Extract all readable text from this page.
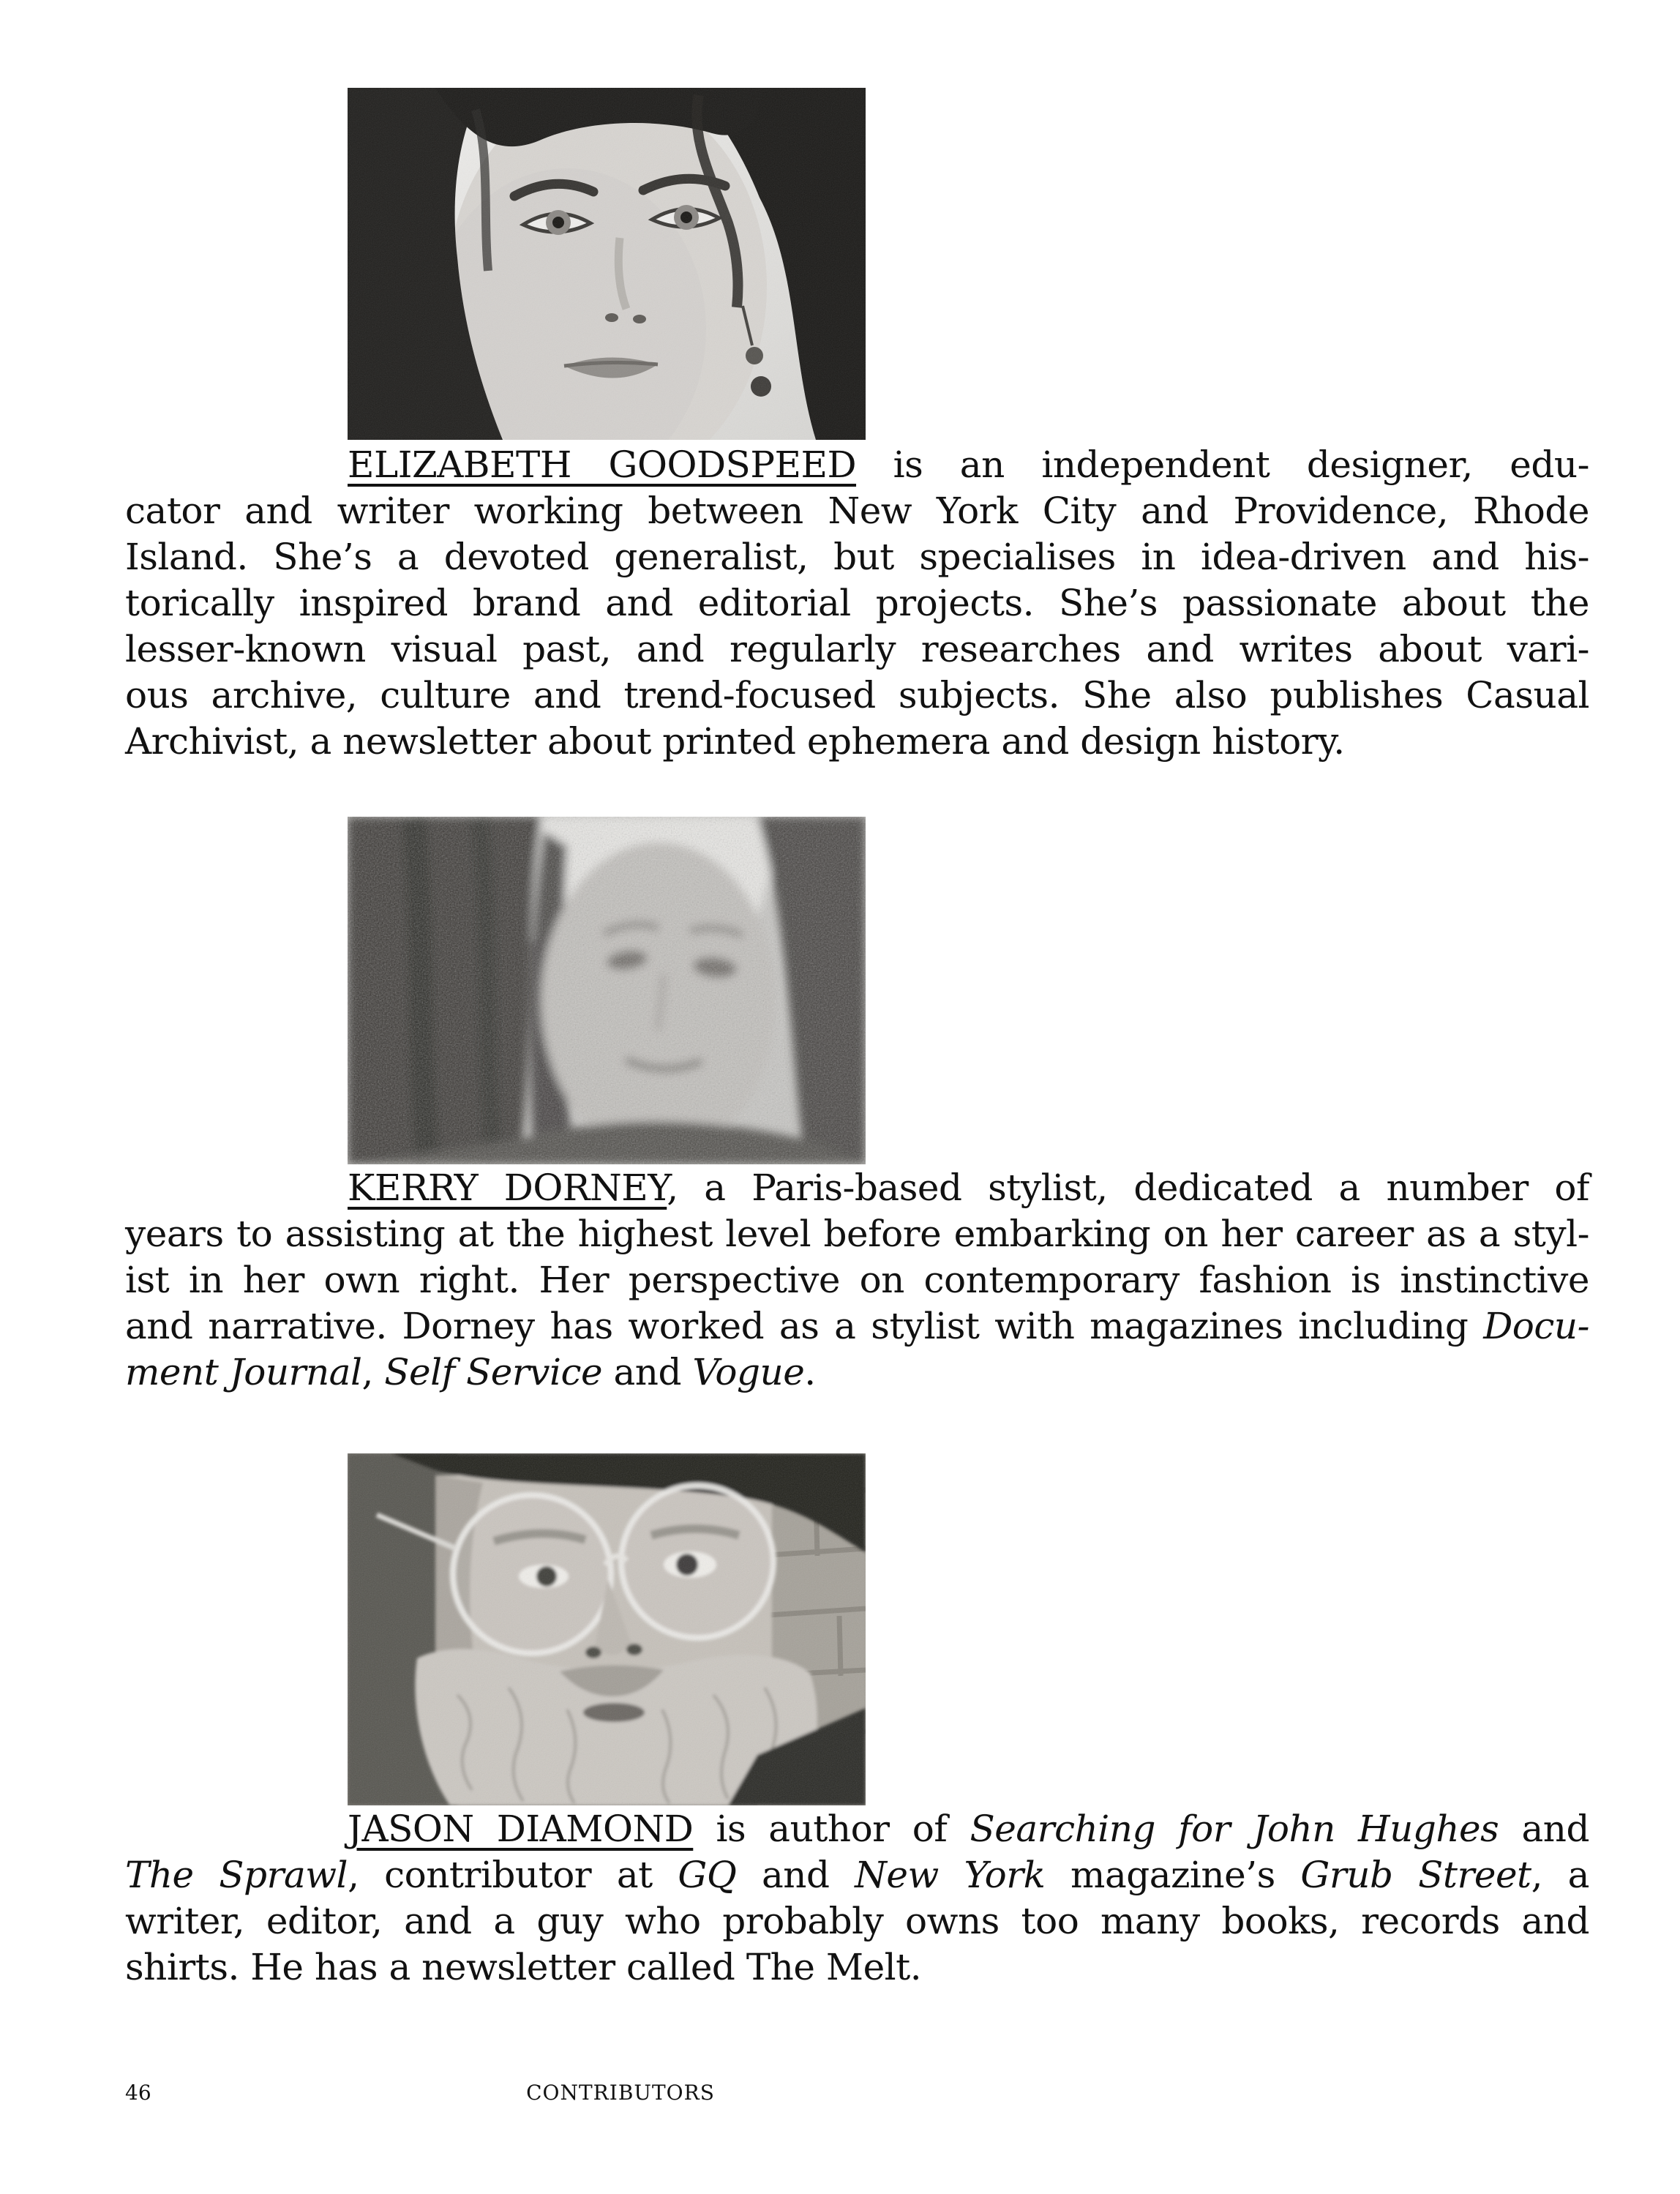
ELIZABETH GOODSPEED is an independent designer, edu-
cator and writer working between New York City and Providence, Rhode
Island. She’s a devoted generalist, but specialises in idea-driven and his-
torically inspired brand and editorial projects. She’s passionate about the
lesser-known visual past, and regularly researches and writes about vari-
ous archive, culture and trend-focused subjects. She also publishes Casual
Archivist, a newsletter about printed ephemera and design history.
KERRY DORNEY, a Paris-based stylist, dedicated a number of
years to assisting at the highest level before embarking on her career as a styl-
ist in her own right. Her perspective on contemporary fashion is instinctive
and narrative. Dorney has worked as a stylist with magazines including Docu-
ment Journal, Self Service and Vogue.
JASON DIAMOND is author of Searching for John Hughes and
The Sprawl, contributor at GQ and New York magazine’s Grub Street, a
writer, editor, and a guy who probably owns too many books, records and
shirts. He has a newsletter called The Melt.
46	CONTRIBUTORS
